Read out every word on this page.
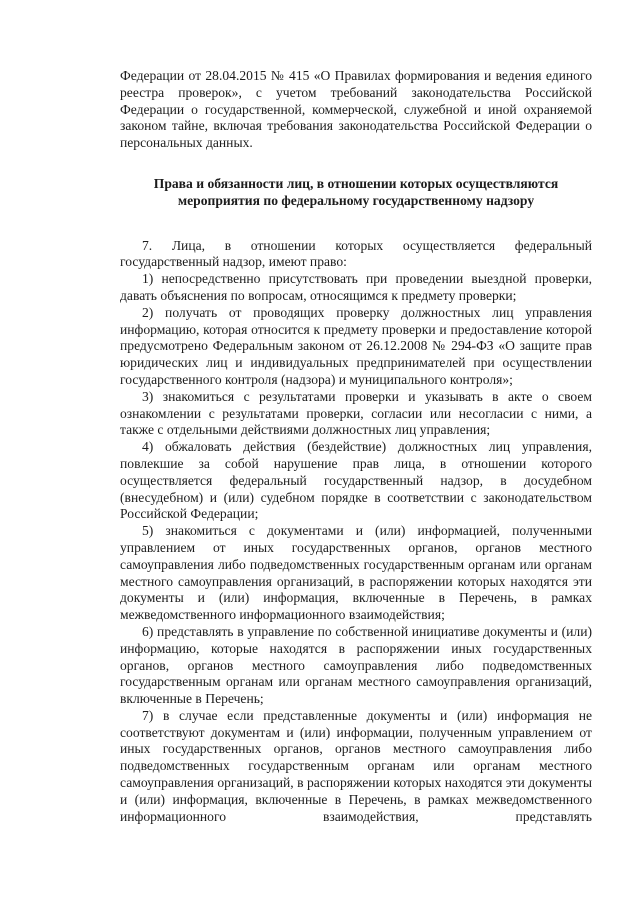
Федерации от 28.04.2015 № 415 «О Правилах формирования и ведения единого реестра проверок», с учетом требований законодательства Российской Федерации о государственной, коммерческой, служебной и иной охраняемой законом тайне, включая требования законодательства Российской Федерации о персональных данных.

Права и обязанности лиц, в отношении которых осуществляются мероприятия по федеральному государственному надзору

7. Лица, в отношении которых осуществляется федеральный государственный надзор, имеют право:

1) непосредственно присутствовать при проведении выездной проверки, давать объяснения по вопросам, относящимся к предмету проверки;

2) получать от проводящих проверку должностных лиц управления информацию, которая относится к предмету проверки и предоставление которой предусмотрено Федеральным законом от 26.12.2008 № 294-ФЗ «О защите прав юридических лиц и индивидуальных предпринимателей при осуществлении государственного контроля (надзора) и муниципального контроля»;

3) знакомиться с результатами проверки и указывать в акте о своем ознакомлении с результатами проверки, согласии или несогласии с ними, а также с отдельными действиями должностных лиц управления;

4) обжаловать действия (бездействие) должностных лиц управления, повлекшие за собой нарушение прав лица, в отношении которого осуществляется федеральный государственный надзор, в досудебном (внесудебном) и (или) судебном порядке в соответствии с законодательством Российской Федерации;

5) знакомиться с документами и (или) информацией, полученными управлением от иных государственных органов, органов местного самоуправления либо подведомственных государственным органам или органам местного самоуправления организаций, в распоряжении которых находятся эти документы и (или) информация, включенные в Перечень, в рамках межведомственного информационного взаимодействия;

6) представлять в управление по собственной инициативе документы и (или) информацию, которые находятся в распоряжении иных государственных органов, органов местного самоуправления либо подведомственных государственным органам или органам местного самоуправления организаций, включенные в Перечень;

7) в случае если представленные документы и (или) информация не соответствуют документам и (или) информации, полученным управлением от иных государственных органов, органов местного самоуправления либо подведомственных государственным органам или органам местного самоуправления организаций, в распоряжении которых находятся эти документы и (или) информация, включенные в Перечень, в рамках межведомственного информационного взаимодействия, представлять
